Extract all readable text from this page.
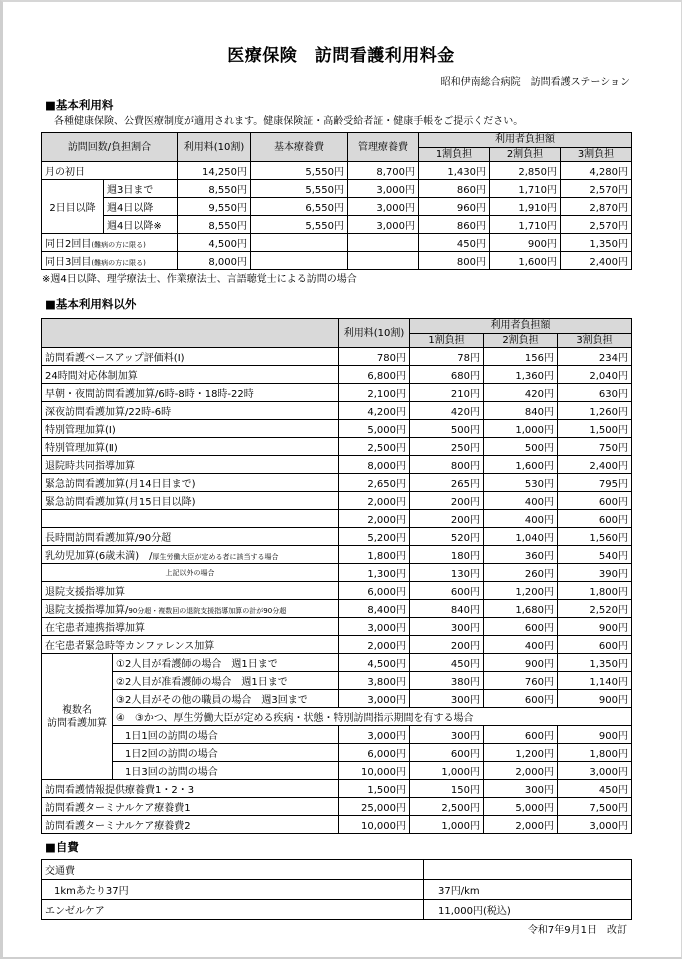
医療保険　訪問看護利用料金
昭和伊南総合病院　訪問看護ステーション
■基本利用料
各種健康保険、公費医療制度が適用されます。健康保険証・高齢受給者証・健康手帳をご提示ください。
訪問回数/負担割合		利用料(10割)	基本療養費	管理療養費	利用者負担額		
					1割負担	2割負担	3割負担
月の初日		14,250円	5,550円	8,700円	1,430円	2,850円	4,280円
2日目以降	週3日まで	8,550円	5,550円	3,000円	860円	1,710円	2,570円
	週4日以降	9,550円	6,550円	3,000円	960円	1,910円	2,870円
	週4日以降※	8,550円	5,550円	3,000円	860円	1,710円	2,570円
同日2回目(難病の方に限る)		4,500円			450円	900円	1,350円
同日3回目(難病の方に限る)		8,000円			800円	1,600円	2,400円
※週4日以降、理学療法士、作業療法士、言語聴覚士による訪問の場合
■基本利用料以外
		利用料(10割)	利用者負担額		
			1割負担	2割負担	3割負担
訪問看護ベースアップ評価料(Ⅰ)		780円	78円	156円	234円
24時間対応体制加算		6,800円	680円	1,360円	2,040円
早朝・夜間訪問看護加算/6時-8時・18時-22時		2,100円	210円	420円	630円
深夜訪問看護加算/22時-6時		4,200円	420円	840円	1,260円
特別管理加算(Ⅰ)		5,000円	500円	1,000円	1,500円
特別管理加算(Ⅱ)		2,500円	250円	500円	750円
退院時共同指導加算		8,000円	800円	1,600円	2,400円
緊急訪問看護加算(月14日目まで)		2,650円	265円	530円	795円
緊急訪問看護加算(月15日目以降)		2,000円	200円	400円	600円
		2,000円	200円	400円	600円
長時間訪問看護加算/90分超		5,200円	520円	1,040円	1,560円
乳幼児加算(6歳未満)　/厚生労働大臣が定める者に該当する場合		1,800円	180円	360円	540円
上記以外の場合		1,300円	130円	260円	390円
退院支援指導加算		6,000円	600円	1,200円	1,800円
退院支援指導加算/90分超・複数回の退院支援指導加算の計が90分超		8,400円	840円	1,680円	2,520円
在宅患者連携指導加算		3,000円	300円	600円	900円
在宅患者緊急時等カンファレンス加算		2,000円	200円	400円	600円
複数名
訪問看護加算	①2人目が看護師の場合　週1日まで	4,500円	450円	900円	1,350円
	②2人目が准看護師の場合　週1日まで	3,800円	380円	760円	1,140円
	③2人目がその他の職員の場合　週3回まで	3,000円	300円	600円	900円
	④　③かつ、厚生労働大臣が定める疾病・状態・特別訪問指示期間を有する場合				
	1日1回の訪問の場合	3,000円	300円	600円	900円
	1日2回の訪問の場合	6,000円	600円	1,200円	1,800円
	1日3回の訪問の場合	10,000円	1,000円	2,000円	3,000円
訪問看護情報提供療養費1・2・3		1,500円	150円	300円	450円
訪問看護ターミナルケア療養費1		25,000円	2,500円	5,000円	7,500円
訪問看護ターミナルケア療養費2		10,000円	1,000円	2,000円	3,000円
■自費
交通費	
1kmあたり37円	37円/km
エンゼルケア	11,000円(税込)
令和7年9月1日　改訂
